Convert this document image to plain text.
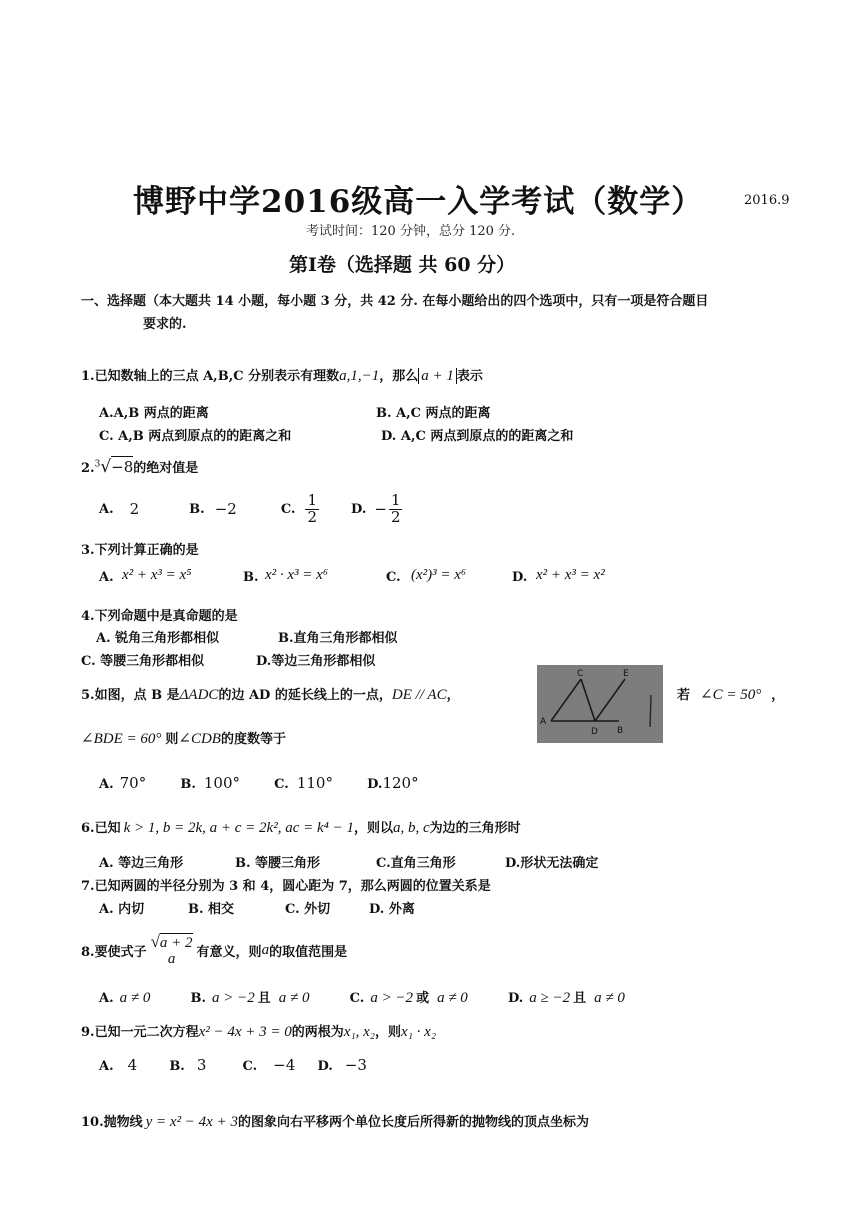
博野中学2016级高一入学考试（数学）	2016.9
考试时间：120 分钟，总分 120 分.
第Ⅰ卷（选择题 共 60 分）
一、选择题（本大题共 14 小题，每小题 3 分，共 42 分. 在每小题给出的四个选项中，只有一项是符合题目
要求的.
1.已知数轴上的三点 A,B,C 分别表示有理数a,1,−1，那么 a + 1 表示
A.A,B 两点的距离	B. A,C 两点的距离
C. A,B 两点到原点的的距离之和	D. A,C 两点到原点的的距离之和
2.$^3$√−8的绝对值是
A. 2	B. −2	C. $\frac{1}{2} D$. − $\frac{1}{2}$
3.下列计算正确的是
A. x² + x³ = x⁵	B. x² · x³ = x⁶	C. (x²)³ = x⁶	D. x² + x³ = x²
4.下列命题中是真命题的是
A. 锐角三角形都相似	B.直角三角形都相似
C. 等腰三角形都相似	D.等边三角形都相似
5.如图，点 B 是ΔADC的边 AD 的延长线上的一点，DE // AC，
C	E
A
D B
若 ∠C = 50° ，
∠BDE = 60° 则∠CDB的度数等于
A. 70°	B. 100°	C. 110°	D.120°
6.已知 k > 1, b = 2k, a + c = 2k², ac = k⁴ − 1，则以a, b, c为边的三角形时
A. 等边三角形	B. 等腰三角形	C.直角三角形	D.形状无法确定
7.已知两圆的半径分别为 3 和 4，圆心距为 7，那么两圆的位置关系是
A. 内切	B. 相交	C. 外切	D. 外离
8.要使式子
√a + 2
a 有意义，则 a 的取值范围是
A. a ≠ 0	B. a > −2 且 a ≠ 0	C. a > −2 或 a ≠ 0	D. a ≥ −2 且 a ≠ 0
9.已知一元二次方程x² − 4x + 3 = 0的两根为x₁, x₂，则x₁ · x₂
A. 4 B. 3	C. −4 D. −3
10.抛物线 y = x² − 4x + 3的图象向右平移两个单位长度后所得新的抛物线的顶点坐标为
